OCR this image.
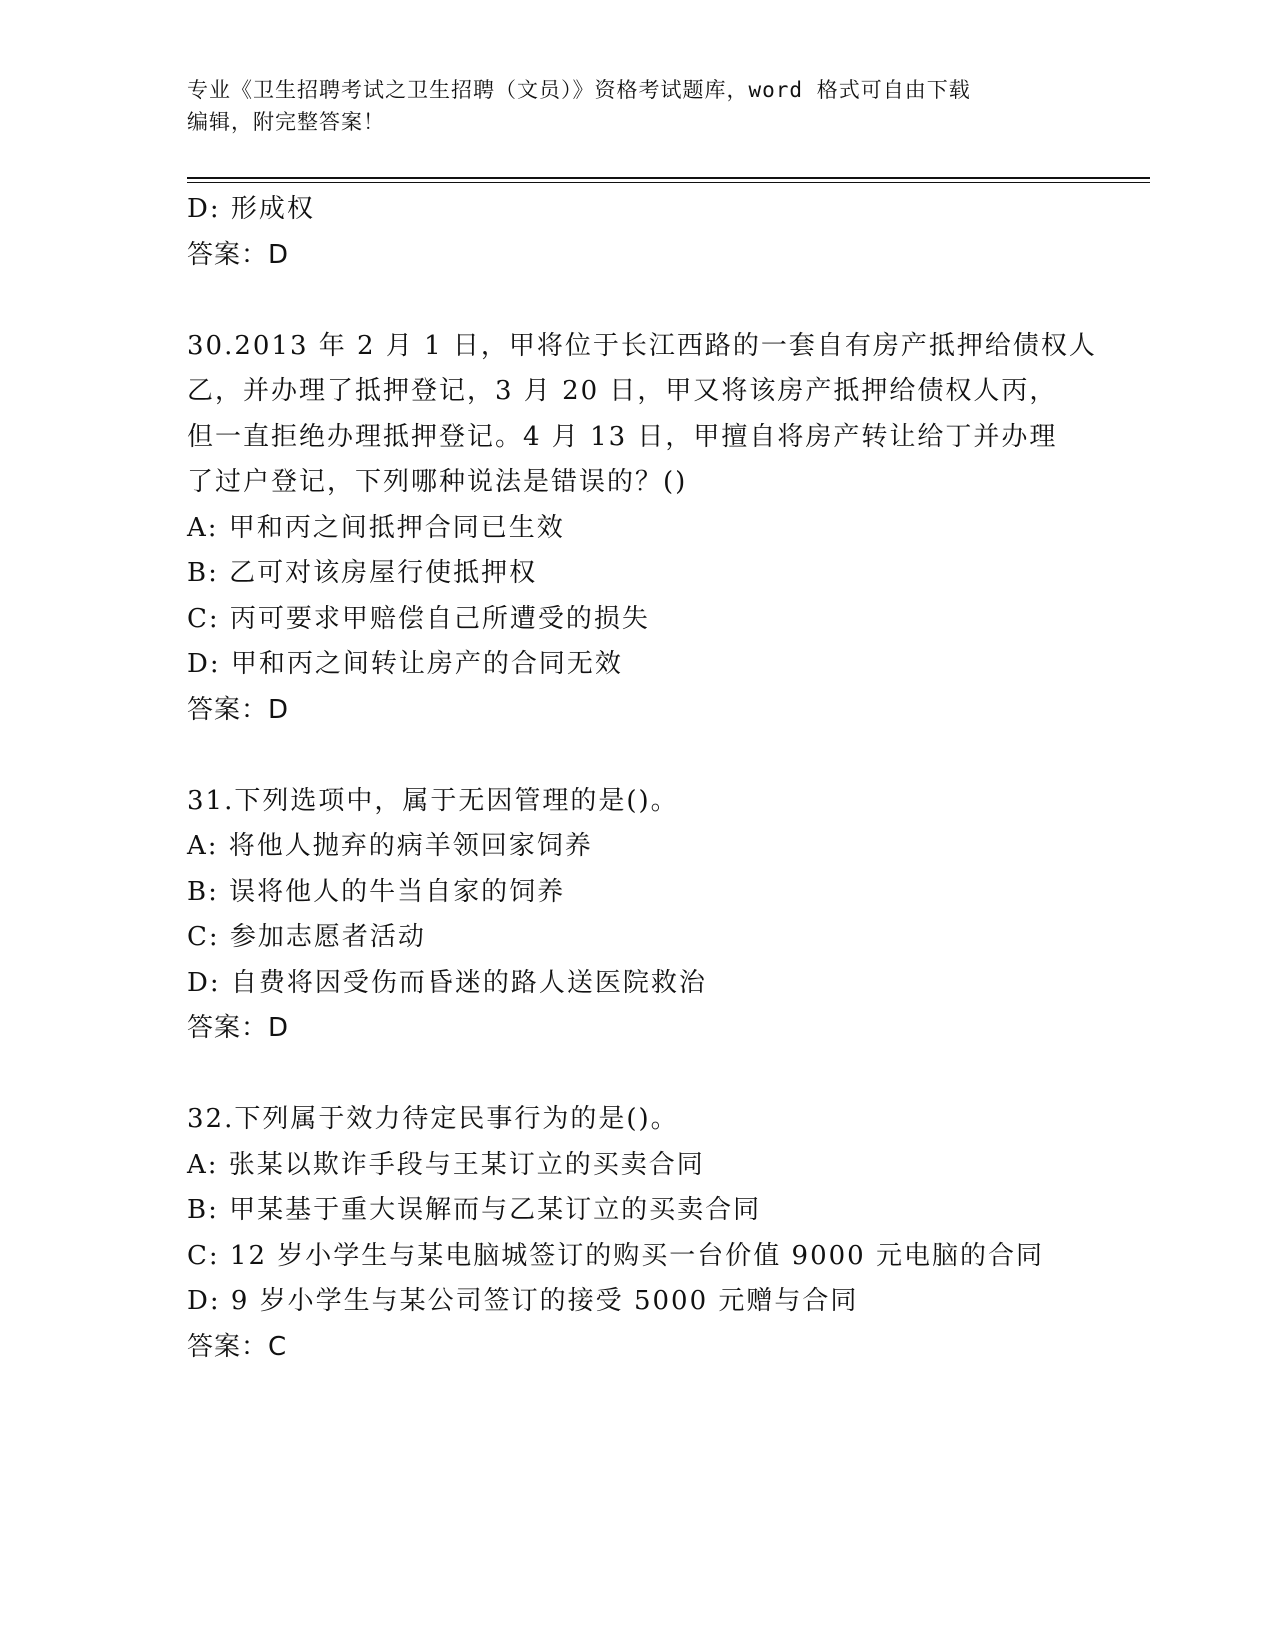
专业《卫生招聘考试之卫生招聘（文员）》资格考试题库，word 格式可自由下载
编辑，附完整答案！
D: 形成权
答案：D
30.2013 年 2 月 1 日，甲将位于长江西路的一套自有房产抵押给债权人
乙，并办理了抵押登记，3 月 20 日，甲又将该房产抵押给债权人丙，
但一直拒绝办理抵押登记。4 月 13 日，甲擅自将房产转让给丁并办理
了过户登记，下列哪种说法是错误的？()
A: 甲和丙之间抵押合同已生效
B: 乙可对该房屋行使抵押权
C: 丙可要求甲赔偿自己所遭受的损失
D: 甲和丙之间转让房产的合同无效
答案：D
31.下列选项中，属于无因管理的是()。
A: 将他人抛弃的病羊领回家饲养
B: 误将他人的牛当自家的饲养
C: 参加志愿者活动
D: 自费将因受伤而昏迷的路人送医院救治
答案：D
32.下列属于效力待定民事行为的是()。
A: 张某以欺诈手段与王某订立的买卖合同
B: 甲某基于重大误解而与乙某订立的买卖合同
C: 12 岁小学生与某电脑城签订的购买一台价值 9000 元电脑的合同
D: 9 岁小学生与某公司签订的接受 5000 元赠与合同
答案：C
